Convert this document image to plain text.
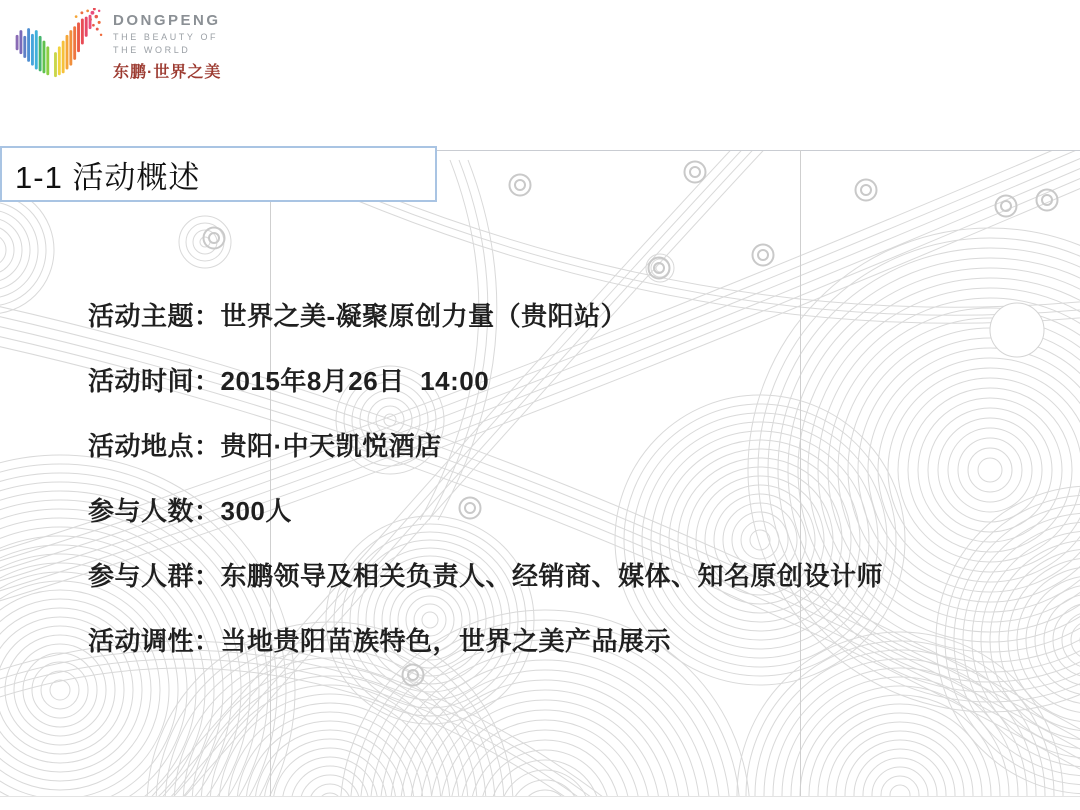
DONGPENG
THE BEAUTY OF
THE WORLD
东鹏·世界之美
1-1 活动概述

活动主题：世界之美-凝聚原创力量（贵阳站）

活动时间：2015年8月26日  14:00

活动地点：贵阳·中天凯悦酒店

参与人数：300人

参与人群：东鹏领导及相关负责人、经销商、媒体、知名原创设计师

活动调性：当地贵阳苗族特色，世界之美产品展示
